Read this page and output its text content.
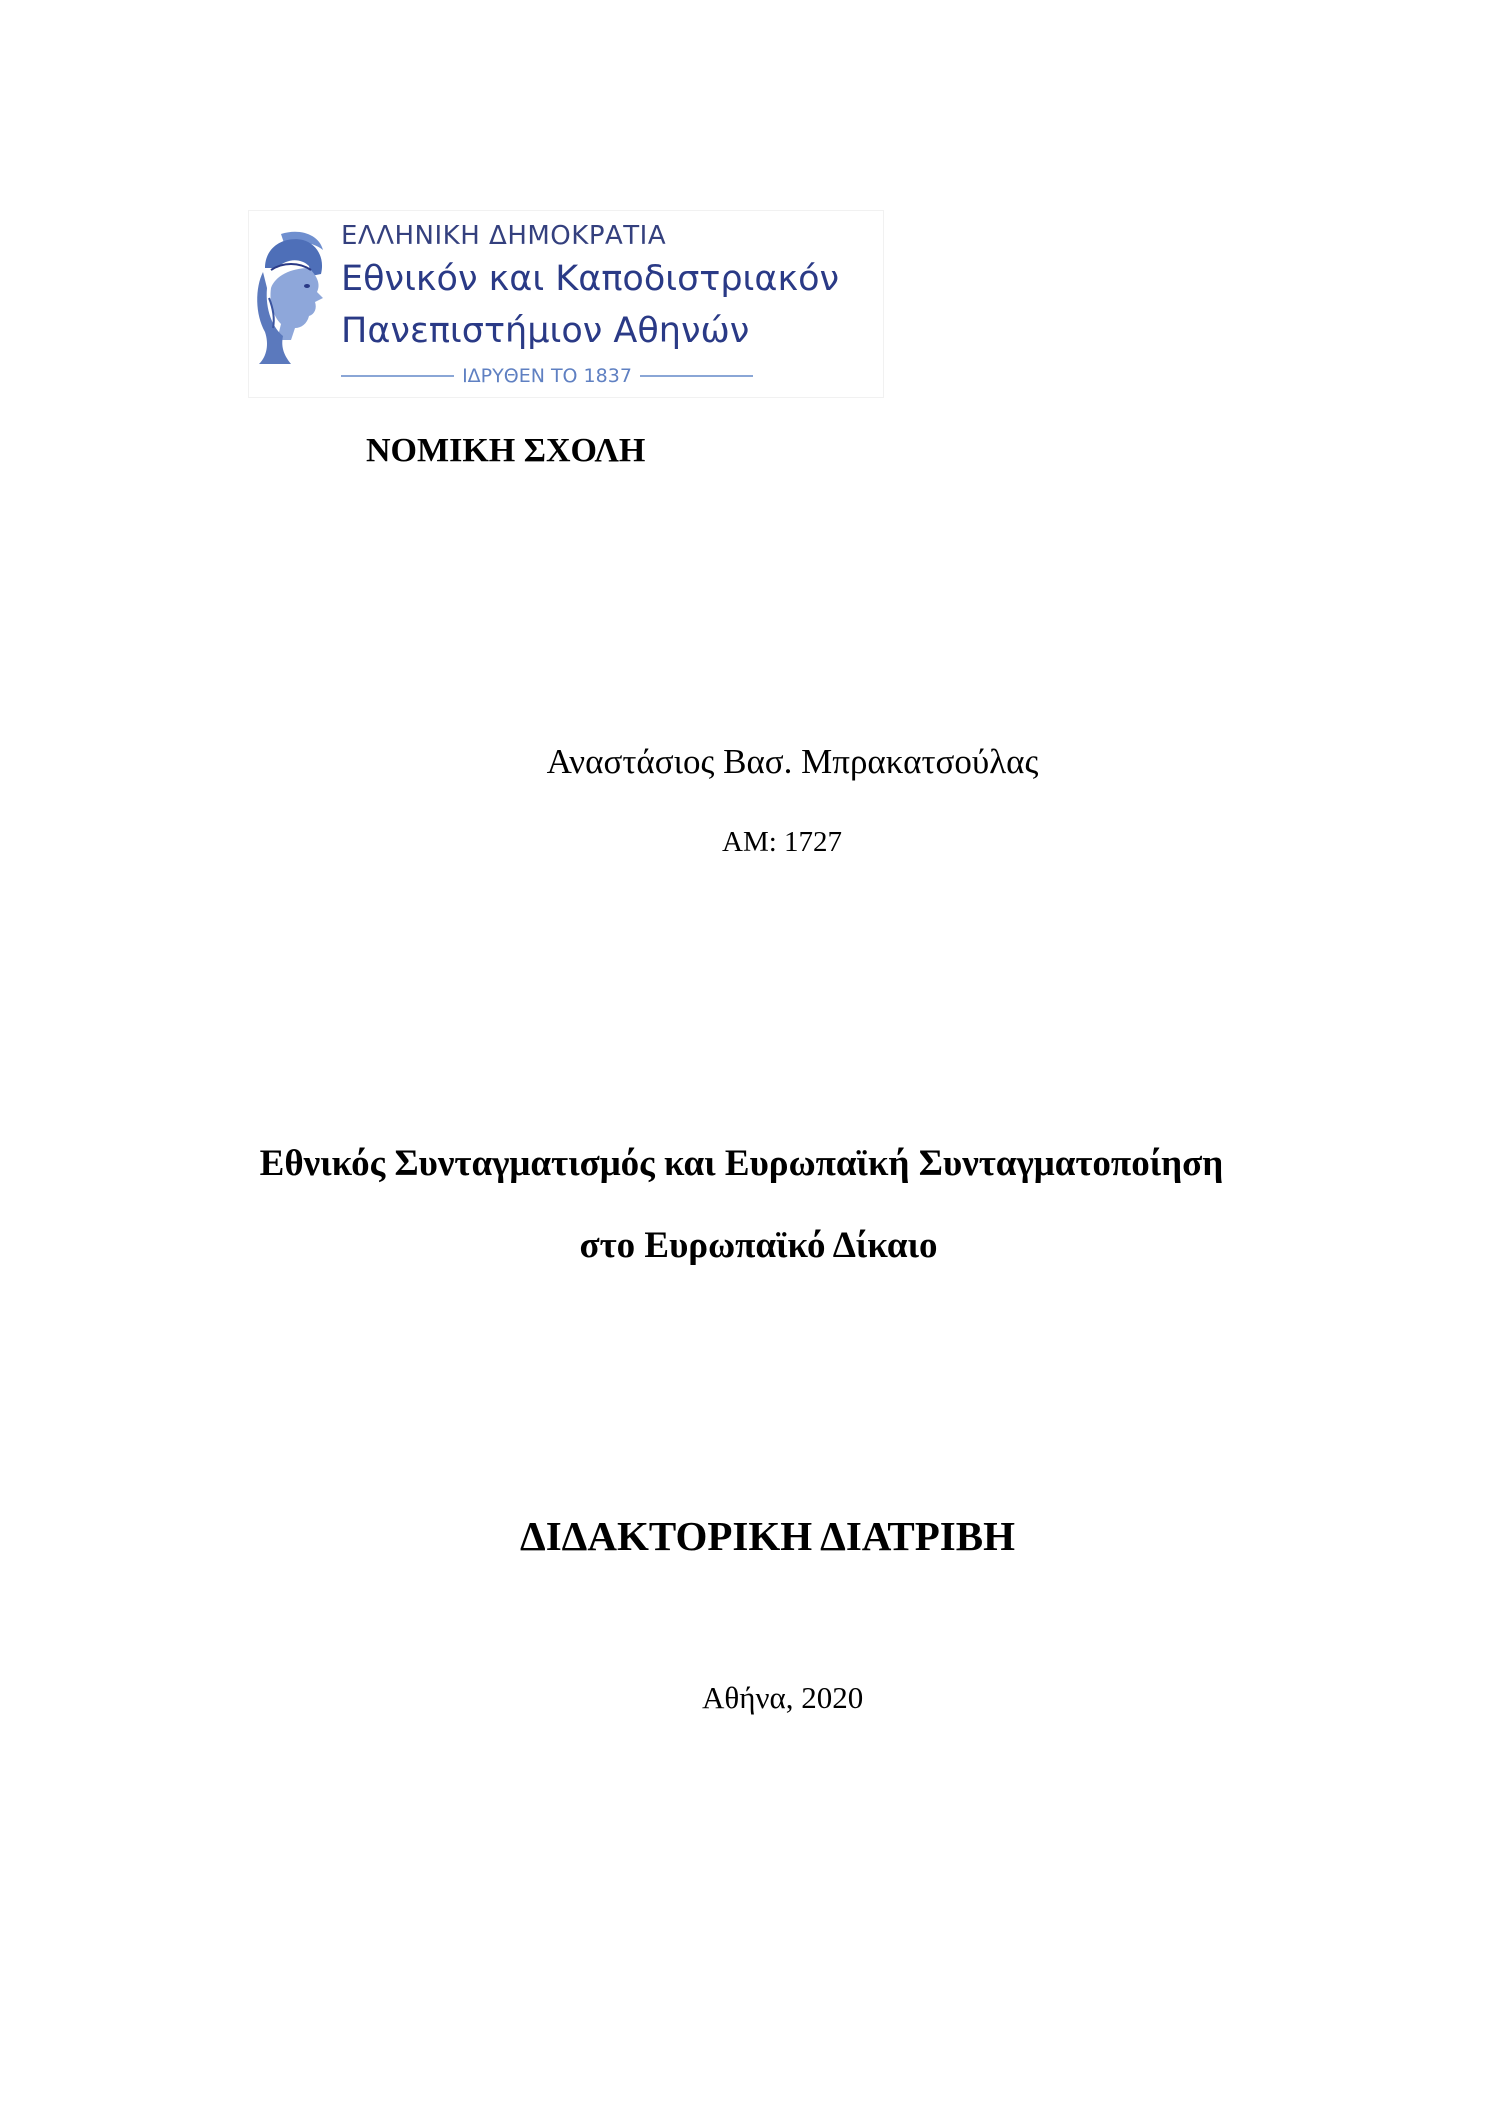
ΕΛΛΗΝΙΚΗ ΔΗΜΟΚΡΑΤΙΑ
Εθνικόν και Καποδιστριακόν
Πανεπιστήμιον Αθηνών
ΙΔΡΥΘΕΝ ΤΟ 1837
ΝΟΜΙΚΗ ΣΧΟΛΗ
Αναστάσιος Βασ. Μπρακατσούλας
ΑΜ: 1727
Εθνικός Συνταγματισμός και Ευρωπαϊκή Συνταγματοποίηση
στο Ευρωπαϊκό Δίκαιο
ΔΙΔΑΚΤΟΡΙΚΗ ΔΙΑΤΡΙΒΗ
Αθήνα, 2020
